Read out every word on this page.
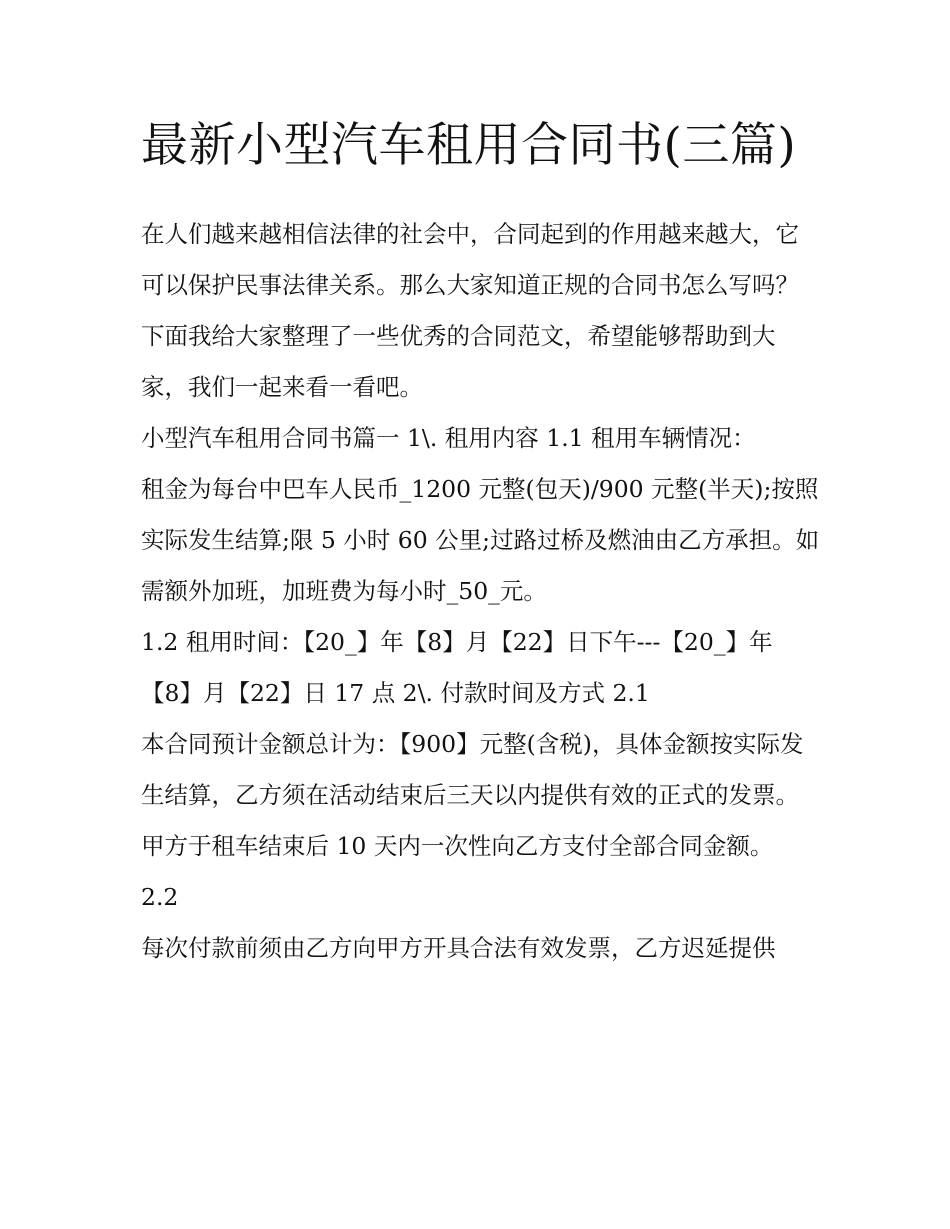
最新小型汽车租用合同书(三篇)

在人们越来越相信法律的社会中，合同起到的作用越来越大，它可以保护民事法律关系。那么大家知道正规的合同书怎么写吗？下面我给大家整理了一些优秀的合同范文，希望能够帮助到大家，我们一起来看一看吧。

小型汽车租用合同书篇一 1\. 租用内容 1.1 租用车辆情况：

租金为每台中巴车人民币_1200 元整(包天)/900 元整(半天);按照实际发生结算;限 5 小时 60 公里;过路过桥及燃油由乙方承担。如需额外加班，加班费为每小时_50_元。

1.2 租用时间：【20_】年【8】月【22】日下午---【20_】年【8】月【22】日 17 点 2\. 付款时间及方式 2.1

本合同预计金额总计为：【900】元整(含税)，具体金额按实际发生结算，乙方须在活动结束后三天以内提供有效的正式的发票。甲方于租车结束后 10 天内一次性向乙方支付全部合同金额。

2.2

每次付款前须由乙方向甲方开具合法有效发票，乙方迟延提供
